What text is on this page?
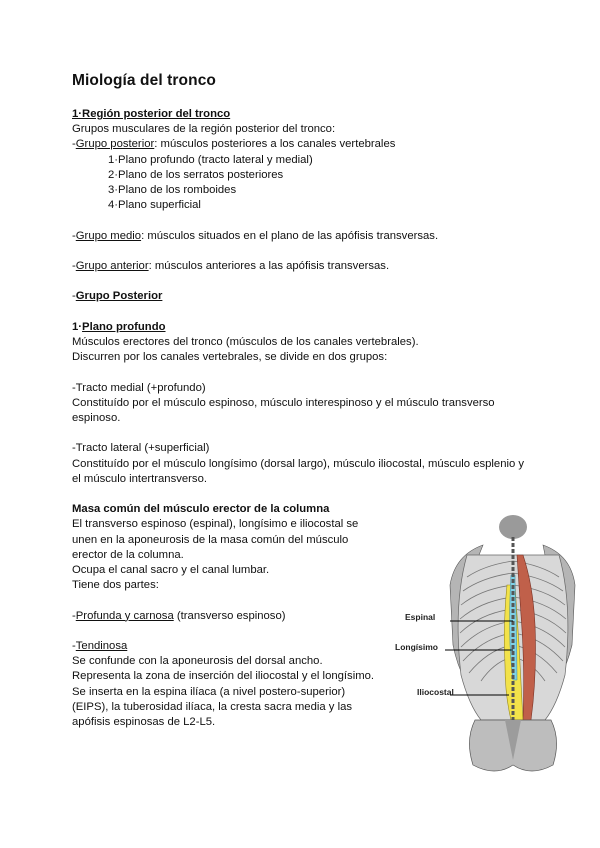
Miología del tronco
1·Región posterior del tronco
Grupos musculares de la región posterior del tronco:
-Grupo posterior: músculos posteriores a los canales vertebrales
1·Plano profundo (tracto lateral y medial)
2·Plano de los serratos posteriores
3·Plano de los romboides
4·Plano superficial
-Grupo medio: músculos situados en el plano de las apófisis transversas.
-Grupo anterior: músculos anteriores a las apófisis transversas.
-Grupo Posterior
1·Plano profundo
Músculos erectores del tronco (músculos de los canales vertebrales).
Discurren por los canales vertebrales, se divide en dos grupos:
-Tracto medial (+profundo)
Constituído por el músculo espinoso, músculo interespinoso y el músculo transverso
espinoso.
-Tracto lateral (+superficial)
Constituído por el músculo longísimo (dorsal largo), músculo iliocostal, músculo esplenio y
el músculo intertransverso.
Masa común del músculo erector de la columna
El transverso espinoso (espinal), longísimo e iliocostal se
unen en la aponeurosis de la masa común del músculo
erector de la columna.
Ocupa el canal sacro y el canal lumbar.
Tiene dos partes:
-Profunda y carnosa (transverso espinoso)
-Tendinosa
Se confunde con la aponeurosis del dorsal ancho.
Representa la zona de inserción del iliocostal y el longísimo.
Se inserta en la espina ilíaca (a nivel postero-superior)
(EIPS), la tuberosidad ilíaca, la cresta sacra media y las
apófisis espinosas de L2-L5.
Espinal
Longísimo
Iliocostal
